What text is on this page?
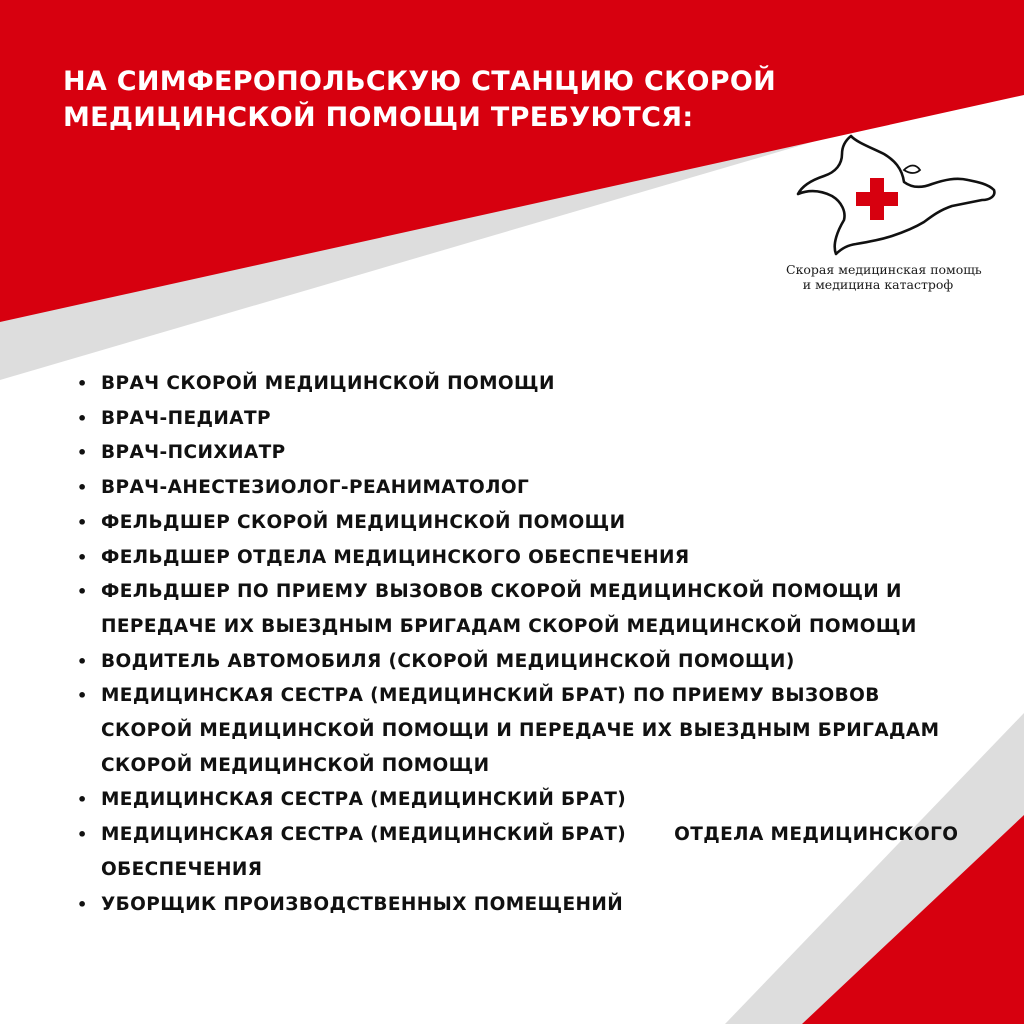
НА СИМФЕРОПОЛЬСКУЮ СТАНЦИЮ СКОРОЙ
МЕДИЦИНСКОЙ ПОМОЩИ ТРЕБУЮТСЯ:
Скорая медицинская помощь
и медицина катастроф
• ВРАЧ СКОРОЙ МЕДИЦИНСКОЙ ПОМОЩИ
• ВРАЧ-ПЕДИАТР
• ВРАЧ-ПСИХИАТР
• ВРАЧ-АНЕСТЕЗИОЛОГ-РЕАНИМАТОЛОГ
• ФЕЛЬДШЕР СКОРОЙ МЕДИЦИНСКОЙ ПОМОЩИ
• ФЕЛЬДШЕР ОТДЕЛА МЕДИЦИНСКОГО ОБЕСПЕЧЕНИЯ
• ФЕЛЬДШЕР ПО ПРИЕМУ ВЫЗОВОВ СКОРОЙ МЕДИЦИНСКОЙ ПОМОЩИ И
ПЕРЕДАЧЕ ИХ ВЫЕЗДНЫМ БРИГАДАМ СКОРОЙ МЕДИЦИНСКОЙ ПОМОЩИ
• ВОДИТЕЛЬ АВТОМОБИЛЯ (СКОРОЙ МЕДИЦИНСКОЙ ПОМОЩИ)
• МЕДИЦИНСКАЯ СЕСТРА (МЕДИЦИНСКИЙ БРАТ) ПО ПРИЕМУ ВЫЗОВОВ
СКОРОЙ МЕДИЦИНСКОЙ ПОМОЩИ И ПЕРЕДАЧЕ ИХ ВЫЕЗДНЫМ БРИГАДАМ
СКОРОЙ МЕДИЦИНСКОЙ ПОМОЩИ
• МЕДИЦИНСКАЯ СЕСТРА (МЕДИЦИНСКИЙ БРАТ)
• МЕДИЦИНСКАЯ СЕСТРА (МЕДИЦИНСКИЙ БРАТ)	ОТДЕЛА МЕДИЦИНСКОГО
ОБЕСПЕЧЕНИЯ
• УБОРЩИК ПРОИЗВОДСТВЕННЫХ ПОМЕЩЕНИЙ
